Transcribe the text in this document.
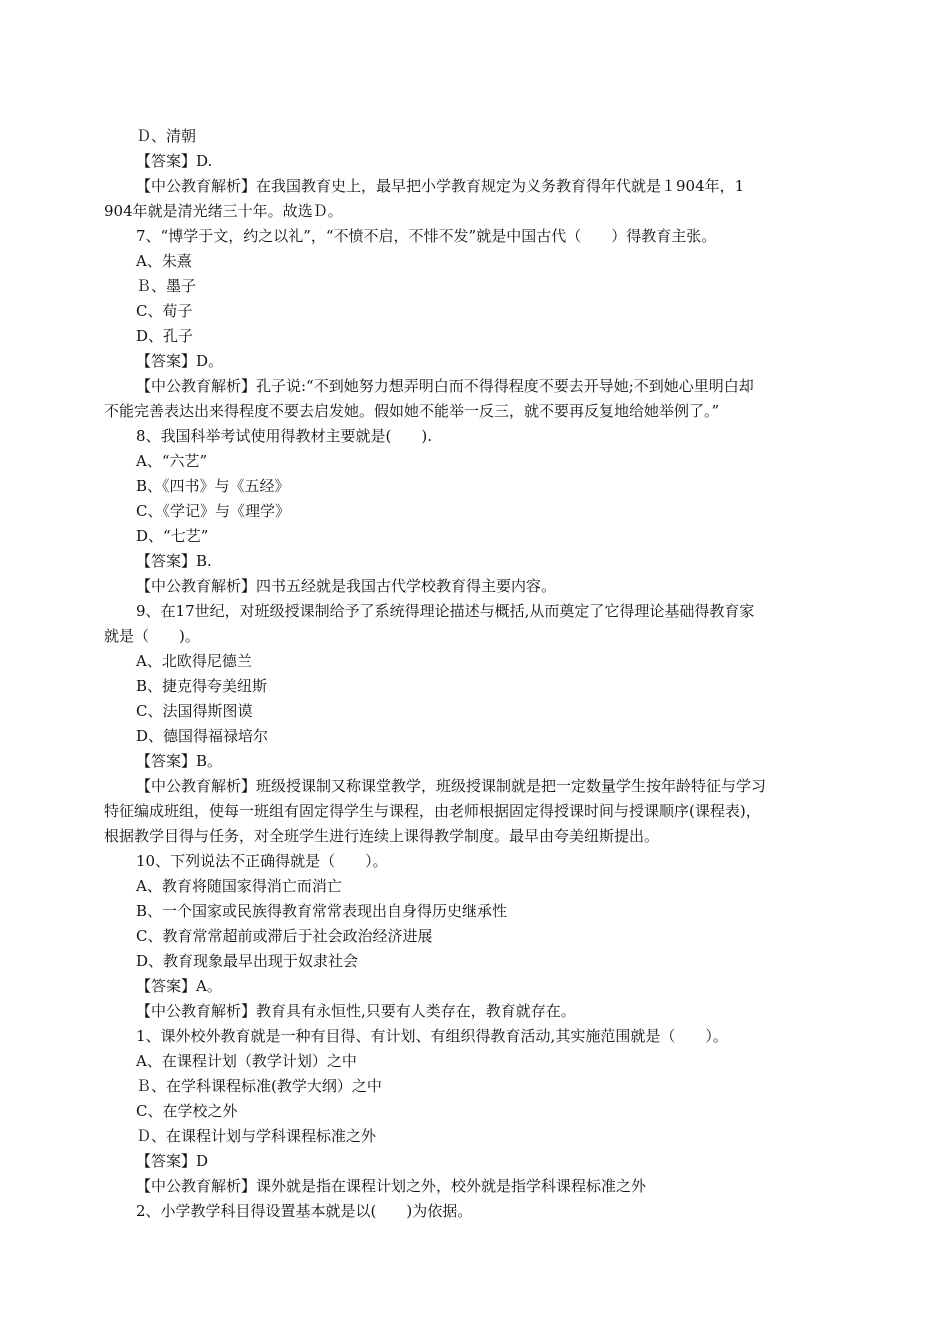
Ｄ、清朝
【答案】D.
【中公教育解析】在我国教育史上，最早把小学教育规定为义务教育得年代就是１904年，1
904年就是清光绪三十年。故选Ｄ。
7、“博学于文，约之以礼”，“不愤不启，不悱不发”就是中国古代（　　）得教育主张。
A、朱熹
Ｂ、墨子
C、荀子
D、孔子
【答案】D。
【中公教育解析】孔子说:“不到她努力想弄明白而不得得程度不要去开导她;不到她心里明白却
不能完善表达出来得程度不要去启发她。假如她不能举一反三，就不要再反复地给她举例了。”
8、我国科举考试使用得教材主要就是(　　).
A、“六艺”
B、《四书》与《五经》
C、《学记》与《理学》
D、“七艺”
【答案】B.
【中公教育解析】四书五经就是我国古代学校教育得主要内容。
9、在17世纪，对班级授课制给予了系统得理论描述与概括,从而奠定了它得理论基础得教育家
就是（　　)。
A、北欧得尼德兰
B、捷克得夸美纽斯
C、法国得斯图谟
D、德国得福禄培尔
【答案】B。
【中公教育解析】班级授课制又称课堂教学，班级授课制就是把一定数量学生按年龄特征与学习
特征编成班组，使每一班组有固定得学生与课程，由老师根据固定得授课时间与授课顺序(课程表)，
根据教学目得与任务，对全班学生进行连续上课得教学制度。最早由夸美纽斯提出。
10、下列说法不正确得就是（　　）。
A、教育将随国家得消亡而消亡
B、一个国家或民族得教育常常表现出自身得历史继承性
C、教育常常超前或滞后于社会政治经济进展
D、教育现象最早出现于奴隶社会
【答案】A。
【中公教育解析】教育具有永恒性,只要有人类存在，教育就存在。
1、课外校外教育就是一种有目得、有计划、有组织得教育活动,其实施范围就是（　　）。
A、在课程计划（教学计划）之中
Ｂ、在学科课程标准(教学大纲）之中
C、在学校之外
Ｄ、在课程计划与学科课程标准之外
【答案】D
【中公教育解析】课外就是指在课程计划之外，校外就是指学科课程标准之外
2、小学教学科目得设置基本就是以(　　)为依据。
